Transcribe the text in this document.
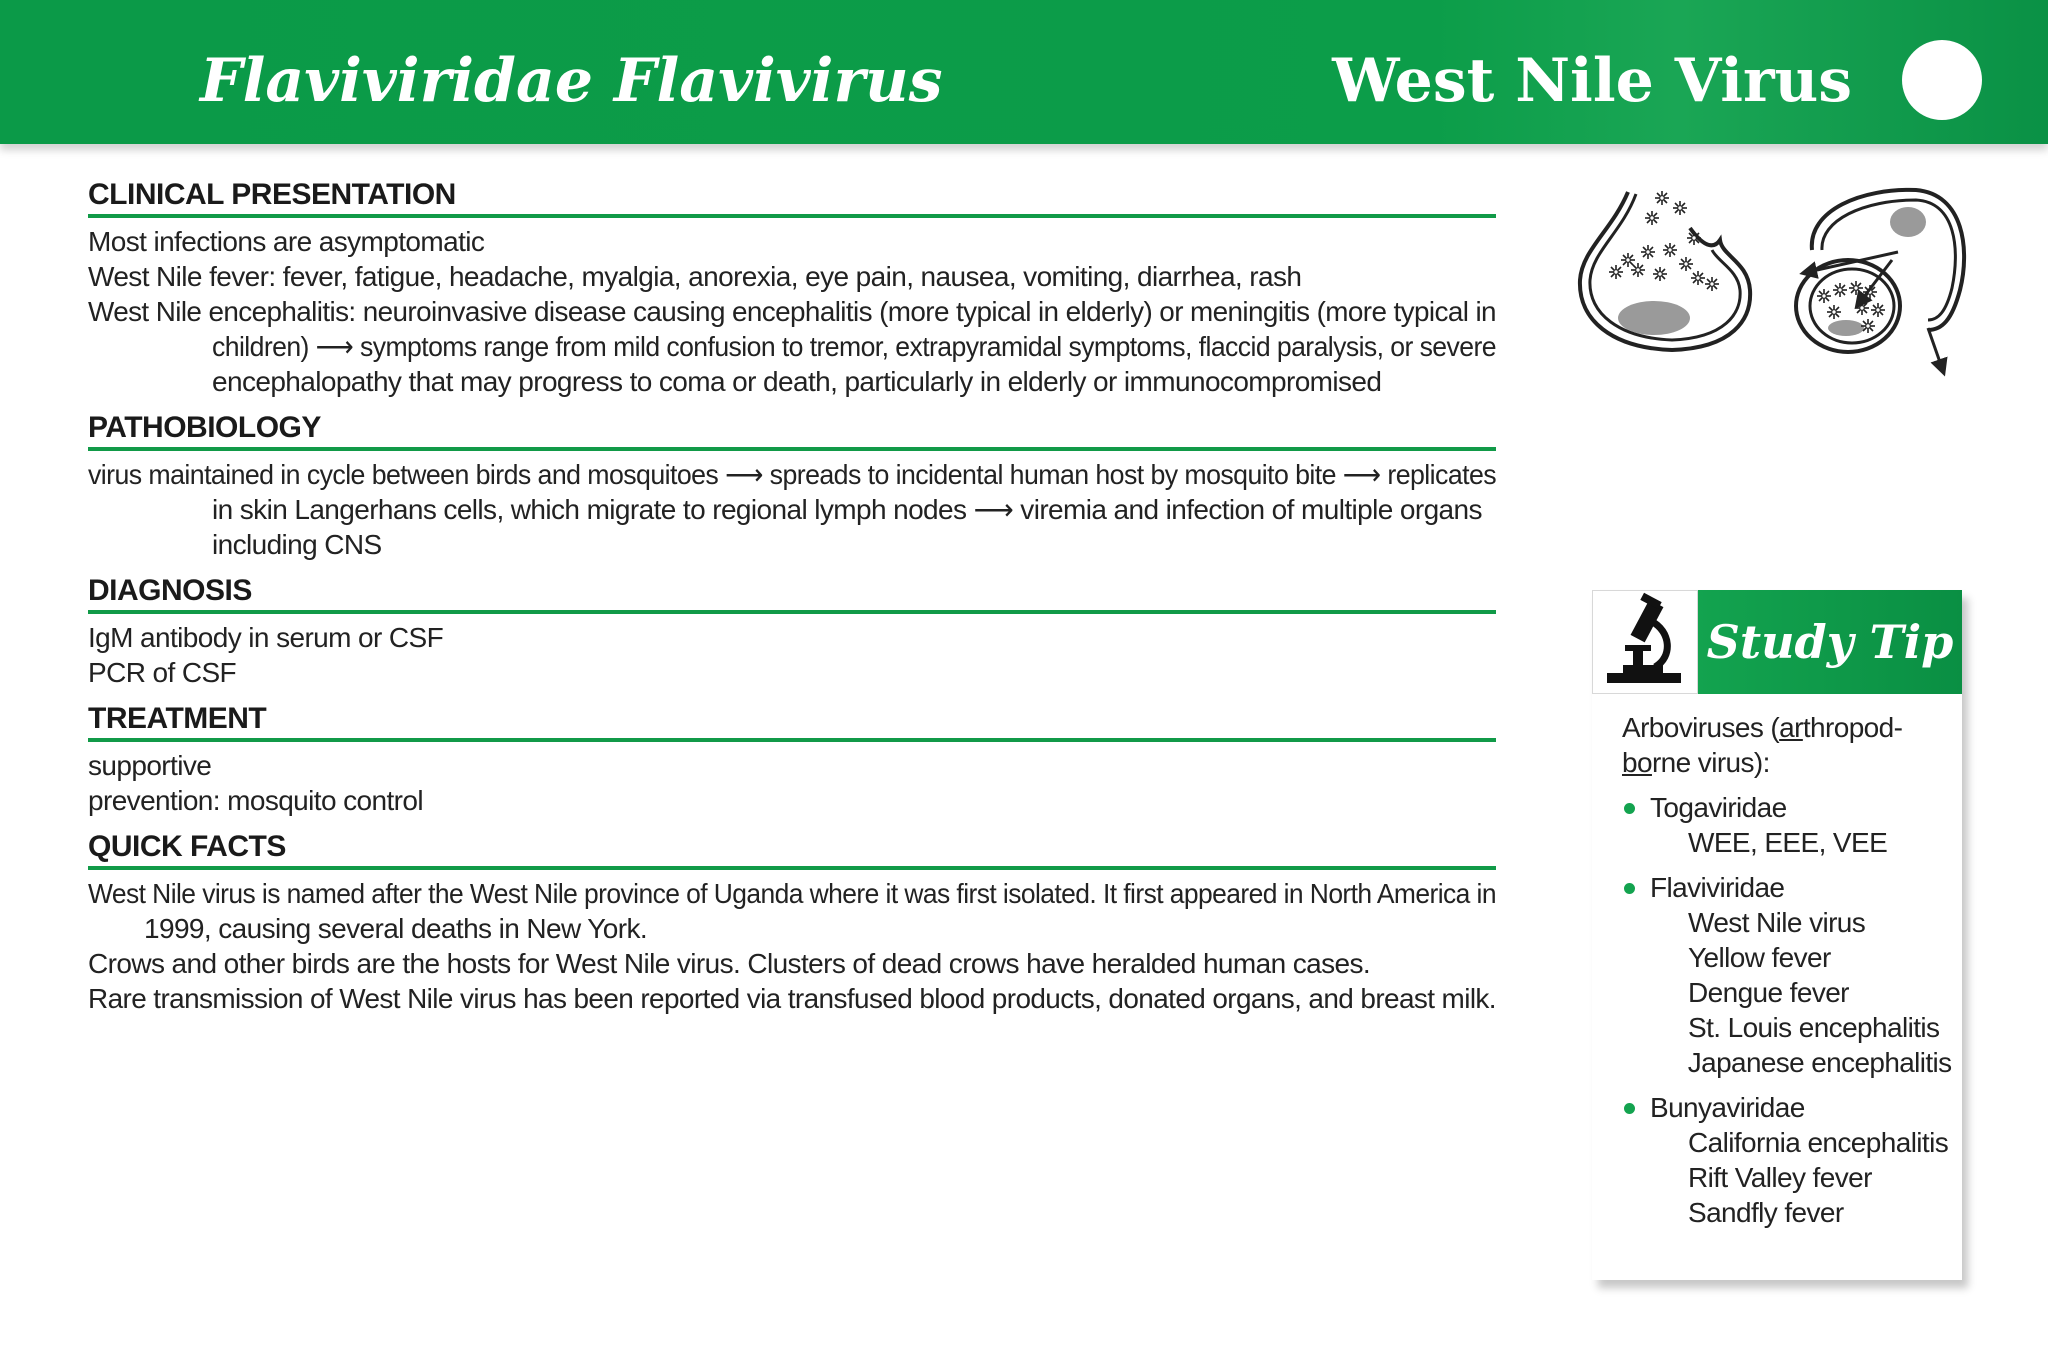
Flaviviridae Flavivirus	West Nile Virus
CLINICAL PRESENTATION
Most infections are asymptomatic
West Nile fever: fever, fatigue, headache, myalgia, anorexia, eye pain, nausea, vomiting, diarrhea, rash
West Nile encephalitis: neuroinvasive disease causing encephalitis (more typical in elderly) or meningitis (more typical in
children) ⟶ symptoms range from mild confusion to tremor, extrapyramidal symptoms, flaccid paralysis, or severe
encephalopathy that may progress to coma or death, particularly in elderly or immunocompromised
PATHOBIOLOGY
virus maintained in cycle between birds and mosquitoes ⟶ spreads to incidental human host by mosquito bite ⟶ replicates
in skin Langerhans cells, which migrate to regional lymph nodes ⟶ viremia and infection of multiple organs
including CNS
DIAGNOSIS
IgM antibody in serum or CSF
PCR of CSF
TREATMENT
supportive
prevention: mosquito control
QUICK FACTS
West Nile virus is named after the West Nile province of Uganda where it was first isolated. It first appeared in North America in
1999, causing several deaths in New York.
Crows and other birds are the hosts for West Nile virus. Clusters of dead crows have heralded human cases.
Rare transmission of West Nile virus has been reported via transfused blood products, donated organs, and breast milk.
Study Tip
Arboviruses (arthropod-
borne virus):
Togaviridae
WEE, EEE, VEE
Flaviviridae
West Nile virus
Yellow fever
Dengue fever
St. Louis encephalitis
Japanese encephalitis
Bunyaviridae
California encephalitis
Rift Valley fever
Sandfly fever
